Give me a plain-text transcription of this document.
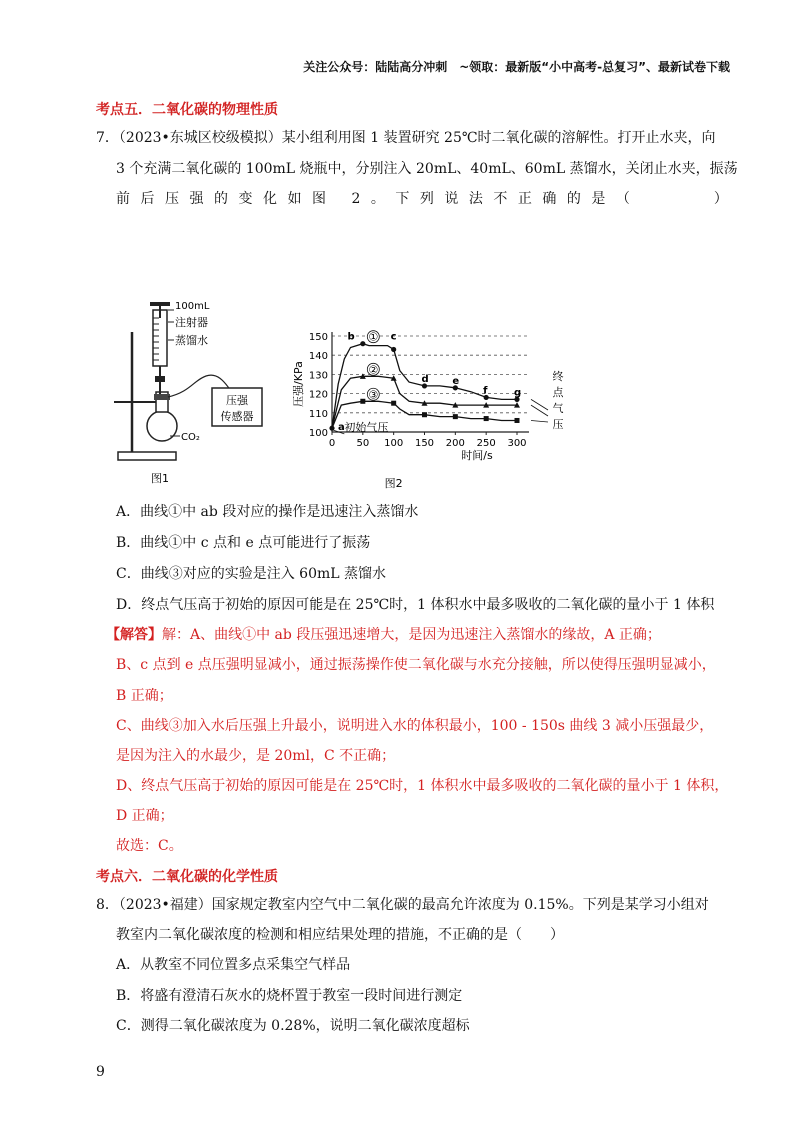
关注公众号：陆陆高分冲刺　~领取：最新版“小中高考-总复习”、最新试卷下载
考点五．二氧化碳的物理性质
7．（2023•东城区校级模拟）某小组利用图 1 装置研究 25℃时二氧化碳的溶解性。打开止水夹，向
3 个充满二氧化碳的 100mL 烧瓶中，分别注入 20mL、40mL、60mL 蒸馏水，关闭止水夹，振荡
前后压强的变化如图 2。下列说法不正确的是（　　　）
压强
传感器
100mL
注射器
蒸馏水
CO₂
图1
100
110
120
130
140
150
0 50 100 150 200 250 300
①
②
③
a
b	c
d e
f	g
压强/KPa
时间/s
图2
初始气压
终
点
气
压
A．曲线①中 ab 段对应的操作是迅速注入蒸馏水
B．曲线①中 c 点和 e 点可能进行了振荡
C．曲线③对应的实验是注入 60mL 蒸馏水
D．终点气压高于初始的原因可能是在 25℃时，1 体积水中最多吸收的二氧化碳的量小于 1 体积
【解答】解：A、曲线①中 ab 段压强迅速增大，是因为迅速注入蒸馏水的缘故，A 正确；
B、c 点到 e 点压强明显减小，通过振荡操作使二氧化碳与水充分接触，所以使得压强明显减小，
B 正确；
C、曲线③加入水后压强上升最小，说明进入水的体积最小，100 - 150s 曲线 3 减小压强最少，
是因为注入的水最少，是 20ml，C 不正确；
D、终点气压高于初始的原因可能是在 25℃时，1 体积水中最多吸收的二氧化碳的量小于 1 体积，
D 正确；
故选：C。
考点六．二氧化碳的化学性质
8．（2023•福建）国家规定教室内空气中二氧化碳的最高允许浓度为 0.15%。下列是某学习小组对
教室内二氧化碳浓度的检测和相应结果处理的措施，不正确的是（　　）
A．从教室不同位置多点采集空气样品
B．将盛有澄清石灰水的烧杯置于教室一段时间进行测定
C．测得二氧化碳浓度为 0.28%，说明二氧化碳浓度超标
9
